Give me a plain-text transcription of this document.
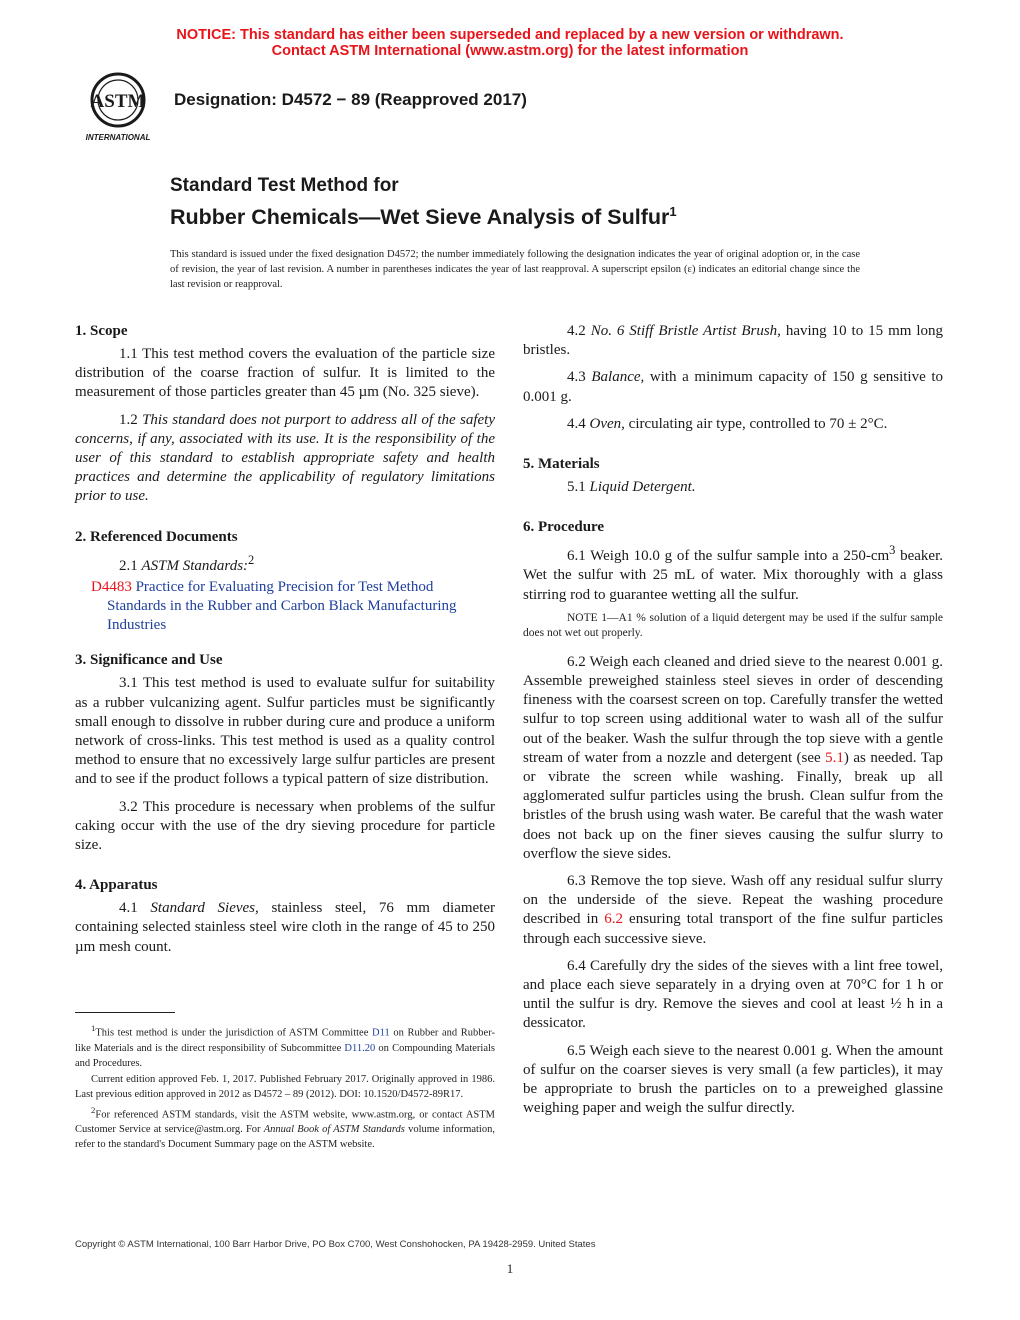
NOTICE: This standard has either been superseded and replaced by a new version or withdrawn.
Contact ASTM International (www.astm.org) for the latest information
ASTM
INTERNATIONAL
Designation: D4572 − 89 (Reapproved 2017)
Standard Test Method for
Rubber Chemicals—Wet Sieve Analysis of Sulfur$^1$
This standard is issued under the fixed designation D4572; the number immediately following the designation indicates the year of original adoption or, in the case of revision, the year of last revision. A number in parentheses indicates the year of last reapproval. A superscript epsilon (ε) indicates an editorial change since the last revision or reapproval.
1. Scope

1.1 This test method covers the evaluation of the particle size distribution of the coarse fraction of sulfur. It is limited to the measurement of those particles greater than 45 µm (No. 325 sieve).

1.2 This standard does not purport to address all of the safety concerns, if any, associated with its use. It is the responsibility of the user of this standard to establish appropriate safety and health practices and determine the applicability of regulatory limitations prior to use.

2. Referenced Documents

2.1 ASTM Standards:$^2$

D4483 Practice for Evaluating Precision for Test Method Standards in the Rubber and Carbon Black Manufacturing Industries
3. Significance and Use

3.1 This test method is used to evaluate sulfur for suitability as a rubber vulcanizing agent. Sulfur particles must be significantly small enough to dissolve in rubber during cure and produce a uniform network of cross-links. This test method is used as a quality control method to ensure that no excessively large sulfur particles are present and to see if the product follows a typical pattern of size distribution.

3.2 This procedure is necessary when problems of the sulfur caking occur with the use of the dry sieving procedure for particle size.

4. Apparatus

4.1 Standard Sieves, stainless steel, 76 mm diameter containing selected stainless steel wire cloth in the range of 45 to 250 µm mesh count.

4.2 No. 6 Stiff Bristle Artist Brush, having 10 to 15 mm long bristles.

4.3 Balance, with a minimum capacity of 150 g sensitive to 0.001 g.

4.4 Oven, circulating air type, controlled to 70 ± 2°C.

5. Materials

5.1 Liquid Detergent.

6. Procedure

6.1 Weigh 10.0 g of the sulfur sample into a $250-cm^3$ beaker. Wet the sulfur with 25 mL of water. Mix thoroughly with a glass stirring rod to guarantee wetting all the sulfur.

NOTE 1—A1 % solution of a liquid detergent may be used if the sulfur sample does not wet out properly.

6.2 Weigh each cleaned and dried sieve to the nearest 0.001 g. Assemble preweighed stainless steel sieves in order of descending fineness with the coarsest screen on top. Carefully transfer the wetted sulfur to top screen using additional water to wash all of the sulfur out of the beaker. Wash the sulfur through the top sieve with a gentle stream of water from a nozzle and detergent (see 5.1) as needed. Tap or vibrate the screen while washing. Finally, break up all agglomerated sulfur particles using the brush. Clean sulfur from the bristles of the brush using wash water. Be careful that the wash water does not back up on the finer sieves causing the sulfur slurry to overflow the sieve sides.

6.3 Remove the top sieve. Wash off any residual sulfur slurry on the underside of the sieve. Repeat the washing procedure described in 6.2 ensuring total transport of the fine sulfur particles through each successive sieve.

6.4 Carefully dry the sides of the sieves with a lint free towel, and place each sieve separately in a drying oven at 70°C for 1 h or until the sulfur is dry. Remove the sieves and cool at least ½ h in a dessicator.

6.5 Weigh each sieve to the nearest 0.001 g. When the amount of sulfur on the coarser sieves is very small (a few particles), it may be appropriate to brush the particles on to a preweighed glassine weighing paper and weigh the sulfur directly.

$^1$This test method is under the jurisdiction of ASTM Committee D11 on Rubber and Rubber-like Materials and is the direct responsibility of Subcommittee D11.20 on Compounding Materials and Procedures.

Current edition approved Feb. 1, 2017. Published February 2017. Originally approved in 1986. Last previous edition approved in 2012 as D4572 – 89 (2012). DOI: 10.1520/D4572-89R17.

$^2$For referenced ASTM standards, visit the ASTM website, www.astm.org, or contact ASTM Customer Service at service@astm.org. For Annual Book of ASTM Standards volume information, refer to the standard's Document Summary page on the ASTM website.

Copyright © ASTM International, 100 Barr Harbor Drive, PO Box C700, West Conshohocken, PA 19428-2959. United States
1
